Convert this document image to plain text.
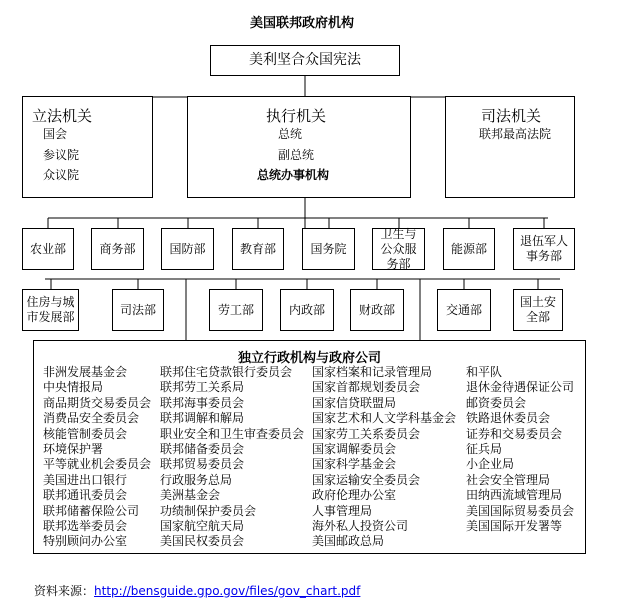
美国联邦政府机构
美利坚合众国宪法
立法机关
国会
参议院
众议院
执行机关
总统
副总统
总统办事机构
司法机关
联邦最高法院
农业部	商务部	国防部	教育部	国务院
卫生与公众服务部
能源部
退伍军人事务部
住房与城市发展部
司法部	劳工部	内政部	财政部	交通部
国土安全部
独立行政机构与政府公司
非洲发展基金会
中央情报局
商品期货交易委员会
消费品安全委员会
核能管制委员会
环境保护署
平等就业机会委员会
美国进出口银行
联邦通讯委员会
联邦储蓄保险公司
联邦选举委员会
特别顾问办公室
联邦住宅贷款银行委员会
联邦劳工关系局
联邦海事委员会
联邦调解和解局
职业安全和卫生审查委员会
联邦储备委员会
联邦贸易委员会
行政服务总局
美洲基金会
功绩制保护委员会
国家航空航天局
美国民权委员会
国家档案和记录管理局
国家首都规划委员会
国家信贷联盟局
国家艺术和人文学科基金会
国家劳工关系委员会
国家调解委员会
国家科学基金会
国家运输安全委员会
政府伦理办公室
人事管理局
海外私人投资公司
美国邮政总局
和平队
退休金待遇保证公司
邮资委员会
铁路退休委员会
证券和交易委员会
征兵局
小企业局
社会安全管理局
田纳西流域管理局
美国国际贸易委员会
美国国际开发署等
资料来源：http://bensguide.gpo.gov/files/gov_chart.pdf
